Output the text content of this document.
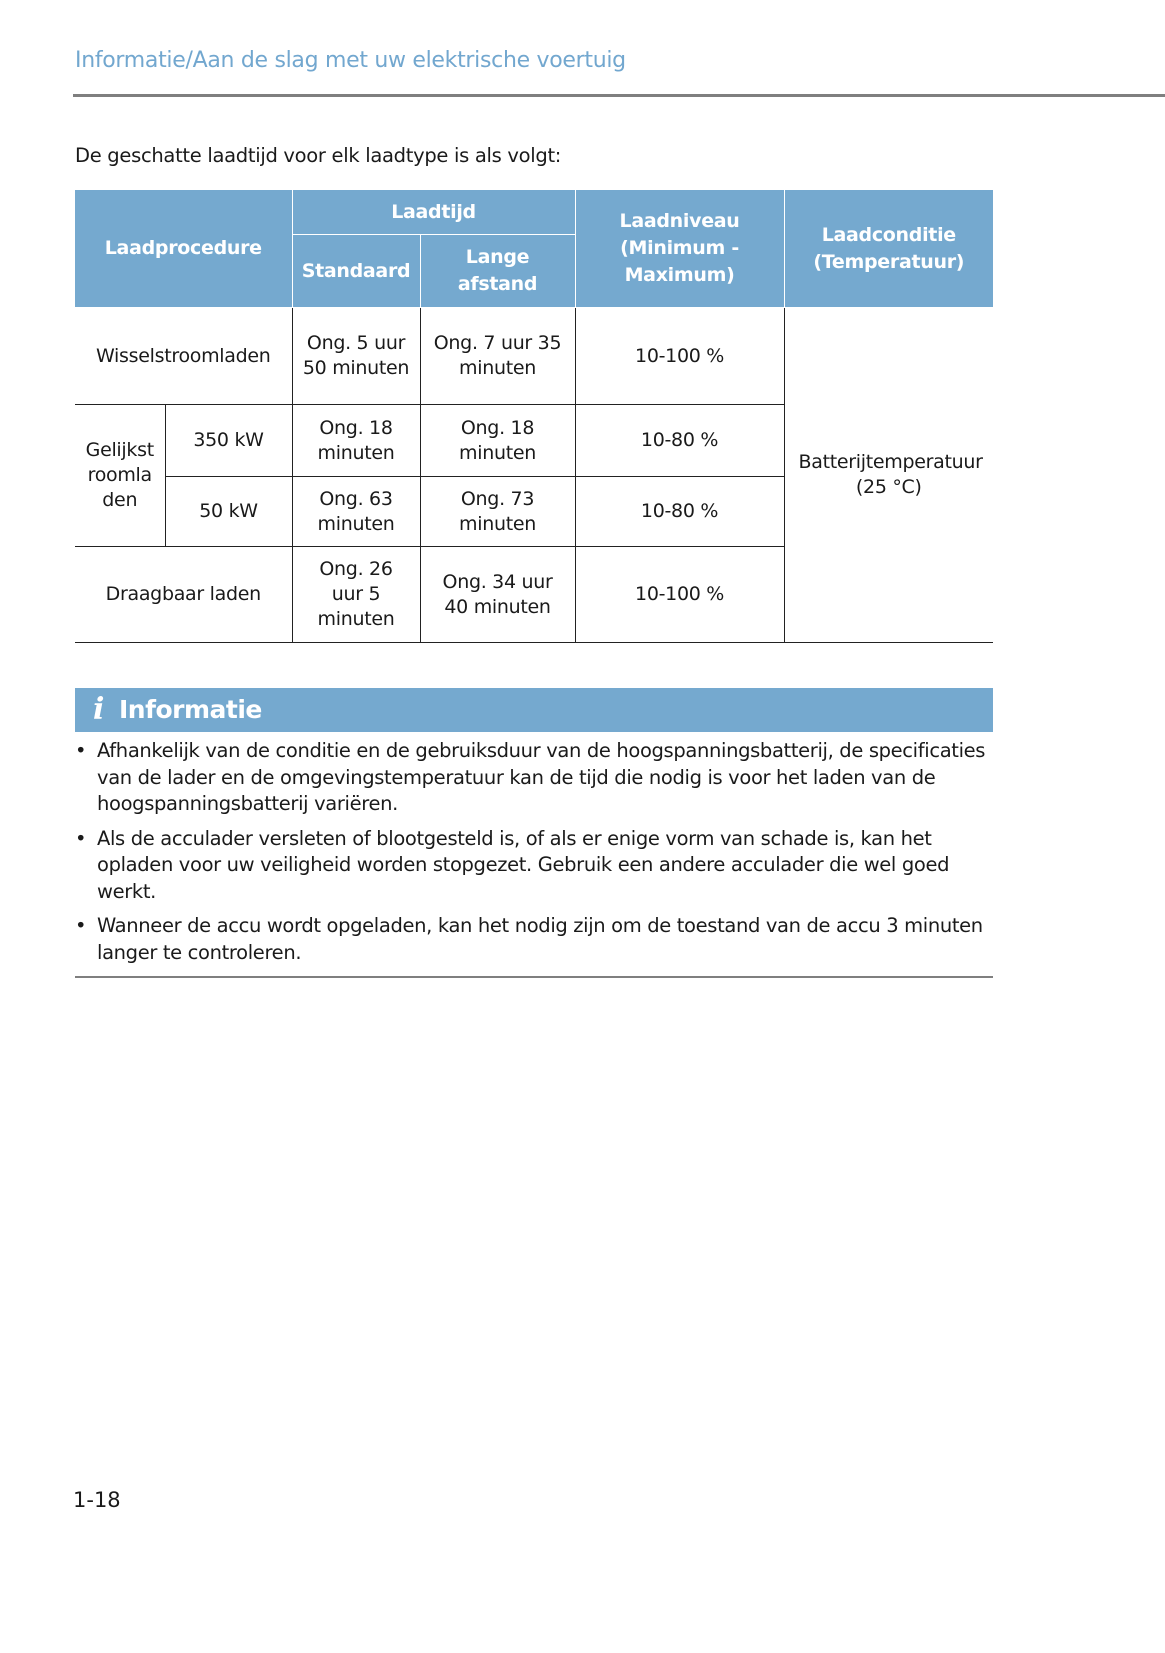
Informatie/Aan de slag met uw elektrische voertuig
De geschatte laadtijd voor elk laadtype is als volgt:
Laadprocedure		Laadtijd		Laadniveau (Minimum - Maximum)	Laadconditie (Temperatuur)
		Standaard	Lange afstand		
Wisselstroomladen		Ong. 5 uur 50 minuten	Ong. 7 uur 35 minuten	10-100 %	Batterijtemperatuur (25 °C)
Gelijkstroomladen	350 kW	Ong. 18 minuten	Ong. 18 minuten	10-80 %	
	50 kW	Ong. 63 minuten	Ong. 73 minuten	10-80 %	
Draagbaar laden		Ong. 26 uur 5 minuten	Ong. 34 uur 40 minuten	10-100 %	
i Informatie
• Afhankelijk van de conditie en de gebruiksduur van de hoogspanningsbatterij, de specificaties van de lader en de omgevingstemperatuur kan de tijd die nodig is voor het laden van de hoogspanningsbatterij variëren.
• Als de acculader versleten of blootgesteld is, of als er enige vorm van schade is, kan het opladen voor uw veiligheid worden stopgezet. Gebruik een andere acculader die wel goed werkt.
• Wanneer de accu wordt opgeladen, kan het nodig zijn om de toestand van de accu 3 minuten langer te controleren.
1-18
